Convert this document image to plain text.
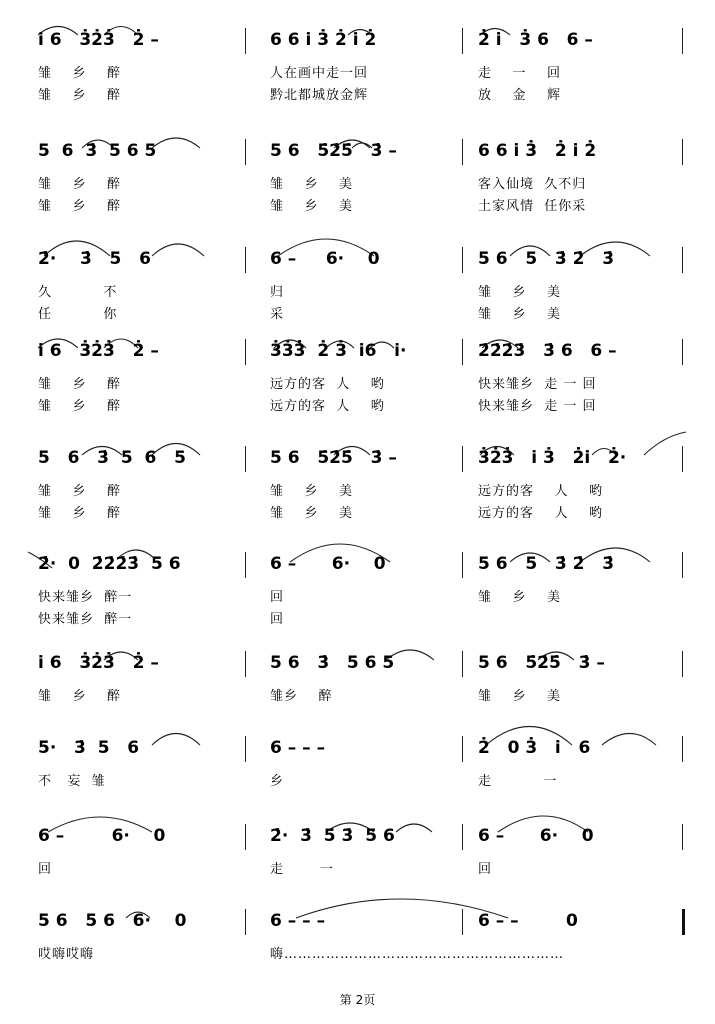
i̇ 6   3̇2̇3̇   2̇ –	6 6 i̇ 3̇ 2̇ i̇ 2̇	2̇ i̇   3̇ 6   6 –
雏    乡    醉	人在画中走一回	走    一    回
雏    乡    醉	黔北都城放金辉	放    金    辉
5  6  3̇  5 6 5	5 6   5̇2̇5̇   3̇ –	6 6 i̇ 3̇   2̇ i̇ 2̇
雏    乡    醉	雏    乡    美	客入仙境  久不归
雏    乡    醉	雏    乡    美	土家风情  任你采
2̇·    3̇   5   6	6 –     6·    0	5 6   5   3̇ 2̇   3̇
久          不	归	雏    乡    美
任          你	采	雏    乡    美
i̇ 6   3̇2̇3̇   2̇ –	3̇3̇3̇  2̇ 3̇  i̇6   i̇·	2̇2̇2̇3̇   3̇ 6   6 –
雏    乡    醉	远方的客  人    哟	快来雏乡  走 一 回
雏    乡    醉	远方的客  人    哟	快来雏乡  走 一 回
5   6   3̇  5  6   5	5 6   5̇2̇5̇   3̇ –	3̇2̇3̇   i̇ 3̇   2̇i̇   2̇·
雏    乡    醉	雏    乡    美	远方的客    人    哟
雏    乡    醉	雏    乡    美	远方的客    人    哟
2̇·  0  2̇2̇2̇3̇  5 6	6 –      6·    0	5 6   5   3̇ 2̇   3̇
快来雏乡  醉一	回	雏    乡    美
快来雏乡  醉一	回
i̇ 6   3̇2̇3̇   2̇ –	5 6   3̇   5 6 5	5 6   5̇2̇5̇   3̇ –
雏    乡    醉	雏乡    醉	雏    乡    美
5·   3̇  5   6	6 – – –	2̇   0 3̇   i̇   6
不   妄  雏	乡	走          一
6 –        6·    0	2̇·  3̇  5 3̇  5 6	6 –      6·    0
回	走       一	回
5 6   5 6   6·    0	6 – – –	6 – –        0
哎嗨哎嗨	嗨……………………………………………………
第 2页
